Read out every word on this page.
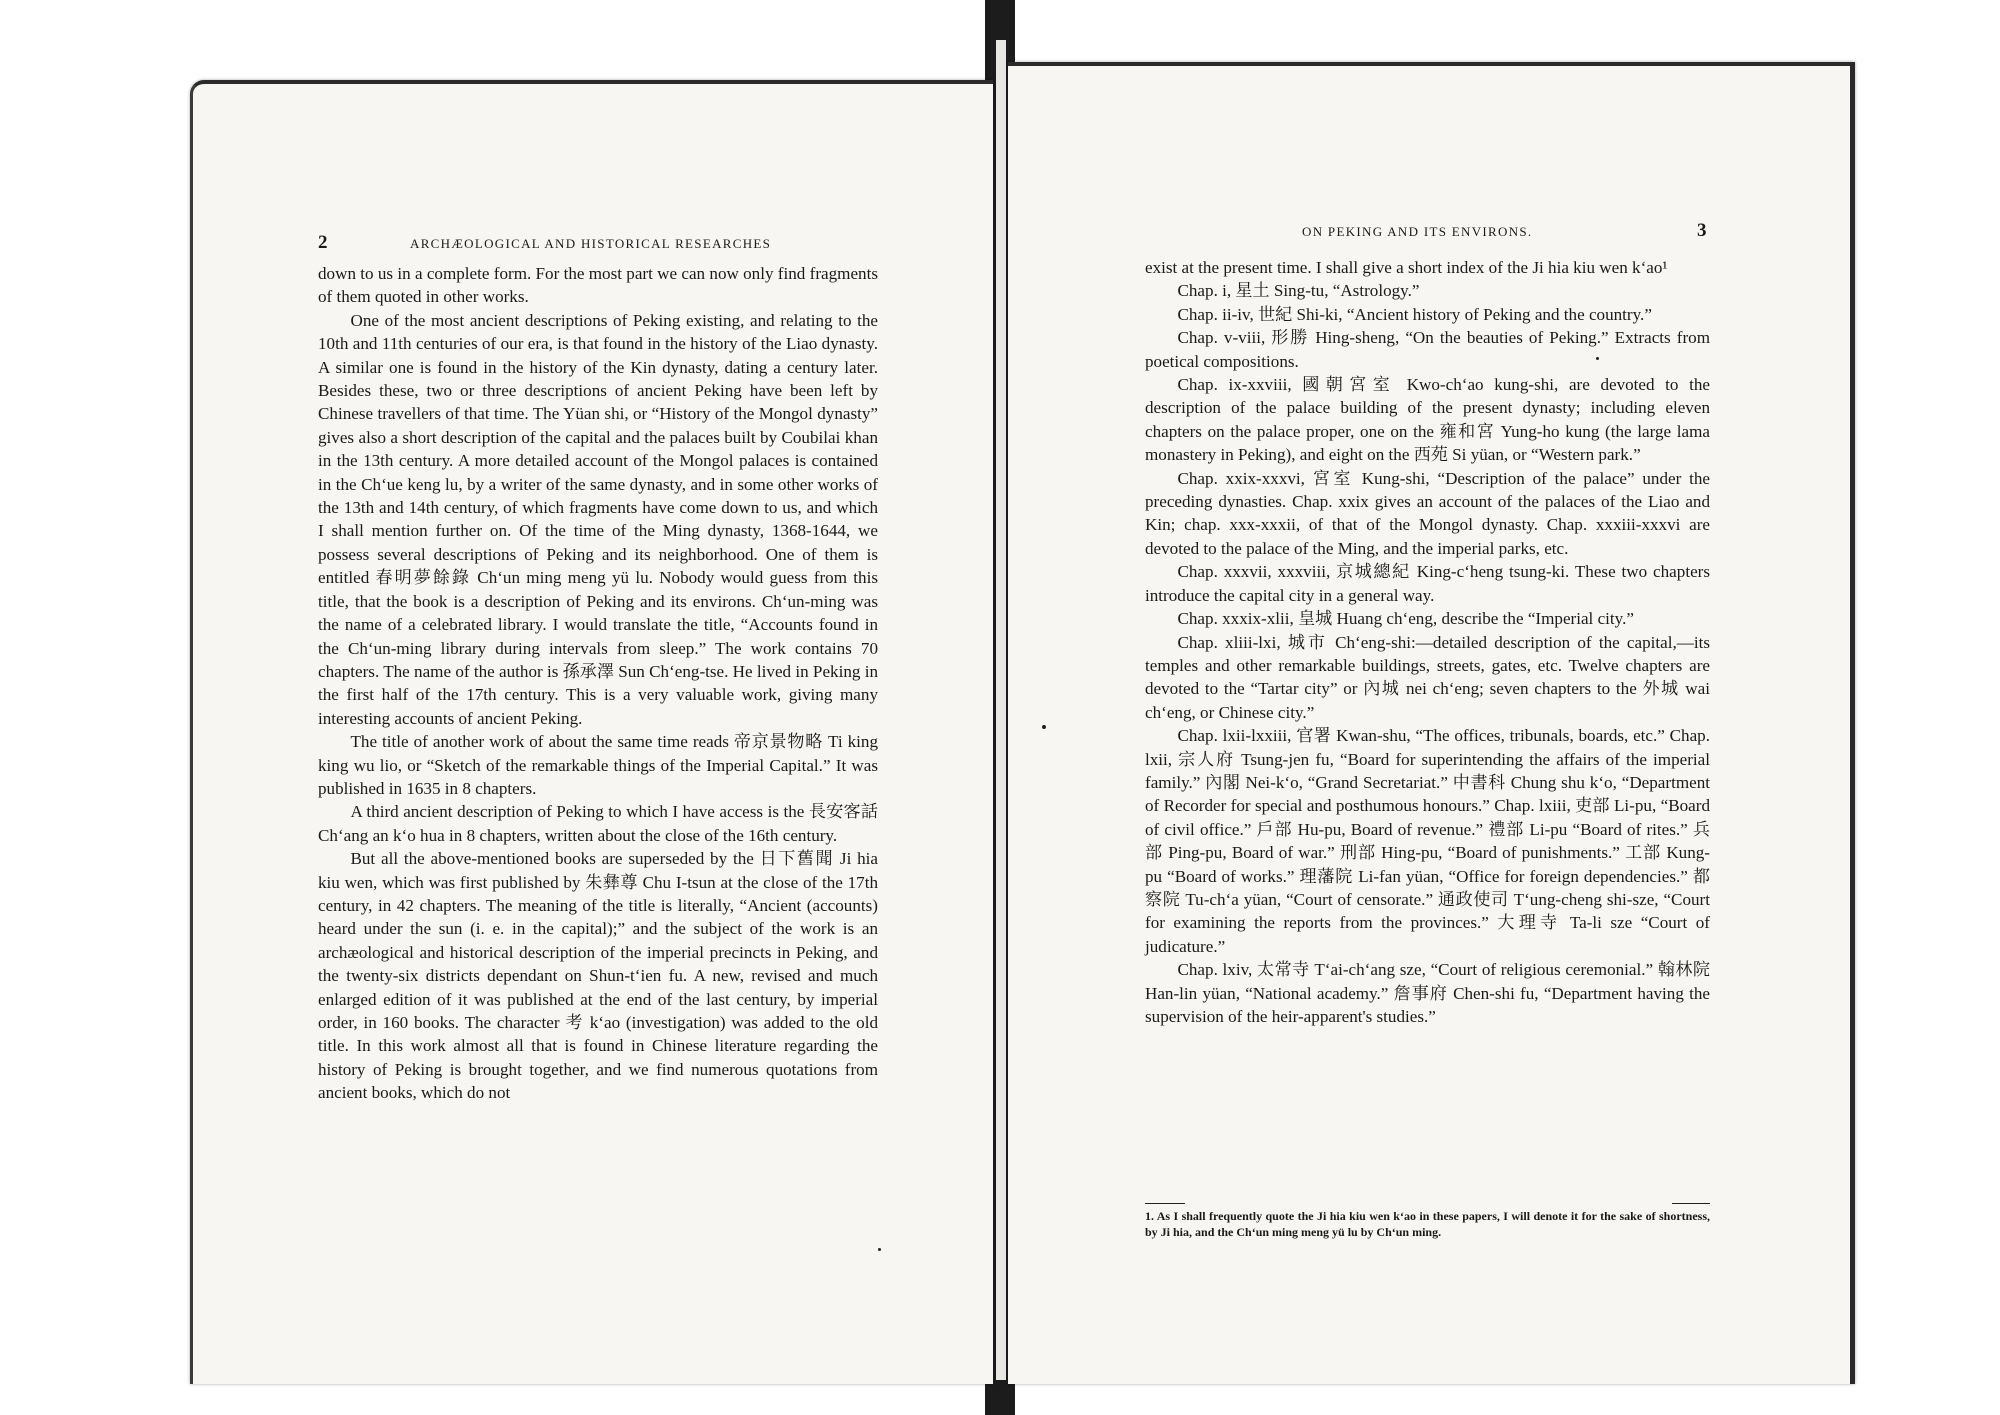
2	ARCHÆOLOGICAL AND HISTORICAL RESEARCHES
ON PEKING AND ITS ENVIRONS.	3

down to us in a complete form. For the most part we can now only find fragments of them quoted in other works.

One of the most ancient descriptions of Peking existing, and relating to the 10th and 11th centuries of our era, is that found in the history of the Liao dynasty. A similar one is found in the history of the Kin dynasty, dating a century later. Besides these, two or three descriptions of ancient Peking have been left by Chinese travellers of that time. The Yüan shi, or “History of the Mongol dynasty” gives also a short description of the capital and the palaces built by Coubilai khan in the 13th century. A more detailed account of the Mongol palaces is contained in the Ch‘ue keng lu, by a writer of the same dynasty, and in some other works of the 13th and 14th century, of which fragments have come down to us, and which I shall mention further on. Of the time of the Ming dynasty, 1368-1644, we possess several descriptions of Peking and its neighborhood. One of them is entitled 春明夢餘錄 Ch‘un ming meng yü lu. Nobody would guess from this title, that the book is a description of Peking and its environs. Ch‘un-ming was the name of a celebrated library. I would translate the title, “Accounts found in the Ch‘un-ming library during intervals from sleep.” The work contains 70 chapters. The name of the author is 孫承澤 Sun Ch‘eng-tse. He lived in Peking in the first half of the 17th century. This is a very valuable work, giving many interesting accounts of ancient Peking.

The title of another work of about the same time reads 帝京景物略 Ti king king wu lio, or “Sketch of the remarkable things of the Imperial Capital.” It was published in 1635 in 8 chapters.

A third ancient description of Peking to which I have access is the 長安客話 Ch‘ang an k‘o hua in 8 chapters, written about the close of the 16th century.

But all the above-mentioned books are superseded by the 日下舊聞 Ji hia kiu wen, which was first published by 朱彝尊 Chu I-tsun at the close of the 17th century, in 42 chapters. The meaning of the title is literally, “Ancient (accounts) heard under the sun (i. e. in the capital);” and the subject of the work is an archæological and historical description of the imperial precincts in Peking, and the twenty-six districts dependant on Shun-t‘ien fu. A new, revised and much enlarged edition of it was published at the end of the last century, by imperial order, in 160 books. The character 考 k‘ao (investigation) was added to the old title. In this work almost all that is found in Chinese literature regarding the history of Peking is brought together, and we find numerous quotations from ancient books, which do not

exist at the present time. I shall give a short index of the Ji hia kiu wen k‘ao¹

Chap. i, 星土 Sing-tu, “Astrology.”

Chap. ii-iv, 世紀 Shi-ki, “Ancient history of Peking and the country.”

Chap. v-viii, 形勝 Hing-sheng, “On the beauties of Peking.” Extracts from poetical compositions.

Chap. ix-xxviii, 國朝宮室 Kwo-ch‘ao kung-shi, are devoted to the description of the palace building of the present dynasty; including eleven chapters on the palace proper, one on the 雍和宮 Yung-ho kung (the large lama monastery in Peking), and eight on the 西苑 Si yüan, or “Western park.”

Chap. xxix-xxxvi, 宮室 Kung-shi, “Description of the palace” under the preceding dynasties. Chap. xxix gives an account of the palaces of the Liao and Kin; chap. xxx-xxxii, of that of the Mongol dynasty. Chap. xxxiii-xxxvi are devoted to the palace of the Ming, and the imperial parks, etc.

Chap. xxxvii, xxxviii, 京城總紀 King-c‘heng tsung-ki. These two chapters introduce the capital city in a general way.

Chap. xxxix-xlii, 皇城 Huang ch‘eng, describe the “Imperial city.”

Chap. xliii-lxi, 城市 Ch‘eng-shi:—detailed description of the capital,—its temples and other remarkable buildings, streets, gates, etc. Twelve chapters are devoted to the “Tartar city” or 內城 nei ch‘eng; seven chapters to the 外城 wai ch‘eng, or Chinese city.”

Chap. lxii-lxxiii, 官署 Kwan-shu, “The offices, tribunals, boards, etc.” Chap. lxii, 宗人府 Tsung-jen fu, “Board for superintending the affairs of the imperial family.” 內閣 Nei-k‘o, “Grand Secretariat.” 中書科 Chung shu k‘o, “Department of Recorder for special and posthumous honours.” Chap. lxiii, 吏部 Li-pu, “Board of civil office.” 戶部 Hu-pu, Board of revenue.” 禮部 Li-pu “Board of rites.” 兵部 Ping-pu, Board of war.” 刑部 Hing-pu, “Board of punishments.” 工部 Kung-pu “Board of works.” 理藩院 Li-fan yüan, “Office for foreign dependencies.” 都察院 Tu-ch‘a yüan, “Court of censorate.” 通政使司 T‘ung-cheng shi-sze, “Court for examining the reports from the provinces.” 大理寺 Ta-li sze “Court of judicature.”

Chap. lxiv, 太常寺 T‘ai-ch‘ang sze, “Court of religious ceremonial.” 翰林院 Han-lin yüan, “National academy.” 詹事府 Chen-shi fu, “Department having the supervision of the heir-apparent's studies.”

1. As I shall frequently quote the Ji hia kiu wen k‘ao in these papers, I will denote it for the sake of shortness, by Ji hia, and the Ch‘un ming meng yü lu by Ch‘un ming.
